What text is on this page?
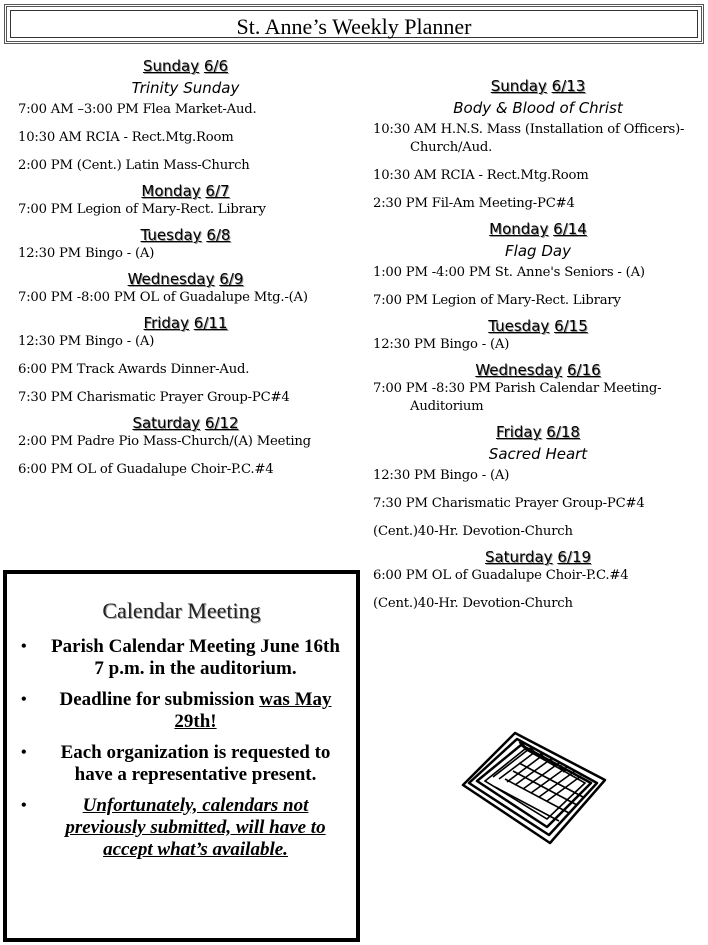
St. Anne’s Weekly Planner

Sunday 6/6

Trinity Sunday

7:00 AM –3:00 PM Flea Market-Aud.

10:30 AM RCIA - Rect.Mtg.Room

2:00 PM (Cent.) Latin Mass-Church

Monday 6/7

7:00 PM Legion of Mary-Rect. Library

Tuesday 6/8

12:30 PM Bingo - (A)

Wednesday 6/9

7:00 PM -8:00 PM OL of Guadalupe Mtg.-(A)

Friday 6/11

12:30 PM Bingo - (A)

6:00 PM Track Awards Dinner-Aud.

7:30 PM Charismatic Prayer Group-PC#4

Saturday 6/12

2:00 PM Padre Pio Mass-Church/(A) Meeting

6:00 PM OL of Guadalupe Choir-P.C.#4

Sunday 6/13

Body & Blood of Christ

10:30 AM H.N.S. Mass (Installation of Officers)-Church/Aud.

10:30 AM RCIA - Rect.Mtg.Room

2:30 PM Fil-Am Meeting-PC#4

Monday 6/14

Flag Day

1:00 PM -4:00 PM St. Anne's Seniors - (A)

7:00 PM Legion of Mary-Rect. Library

Tuesday 6/15

12:30 PM Bingo - (A)

Wednesday 6/16

7:00 PM -8:30 PM Parish Calendar Meeting-Auditorium

Friday 6/18

Sacred Heart

12:30 PM Bingo - (A)

7:30 PM Charismatic Prayer Group-PC#4

(Cent.)40-Hr. Devotion-Church

Saturday 6/19

6:00 PM OL of Guadalupe Choir-P.C.#4

(Cent.)40-Hr. Devotion-Church

Calendar Meeting
• Parish Calendar Meeting June 16th 7 p.m. in the auditorium.
• Deadline for submission was May 29th!
• Each organization is requested to have a representative present.
• Unfortunately, calendars not previously submitted, will have to accept what’s available.
